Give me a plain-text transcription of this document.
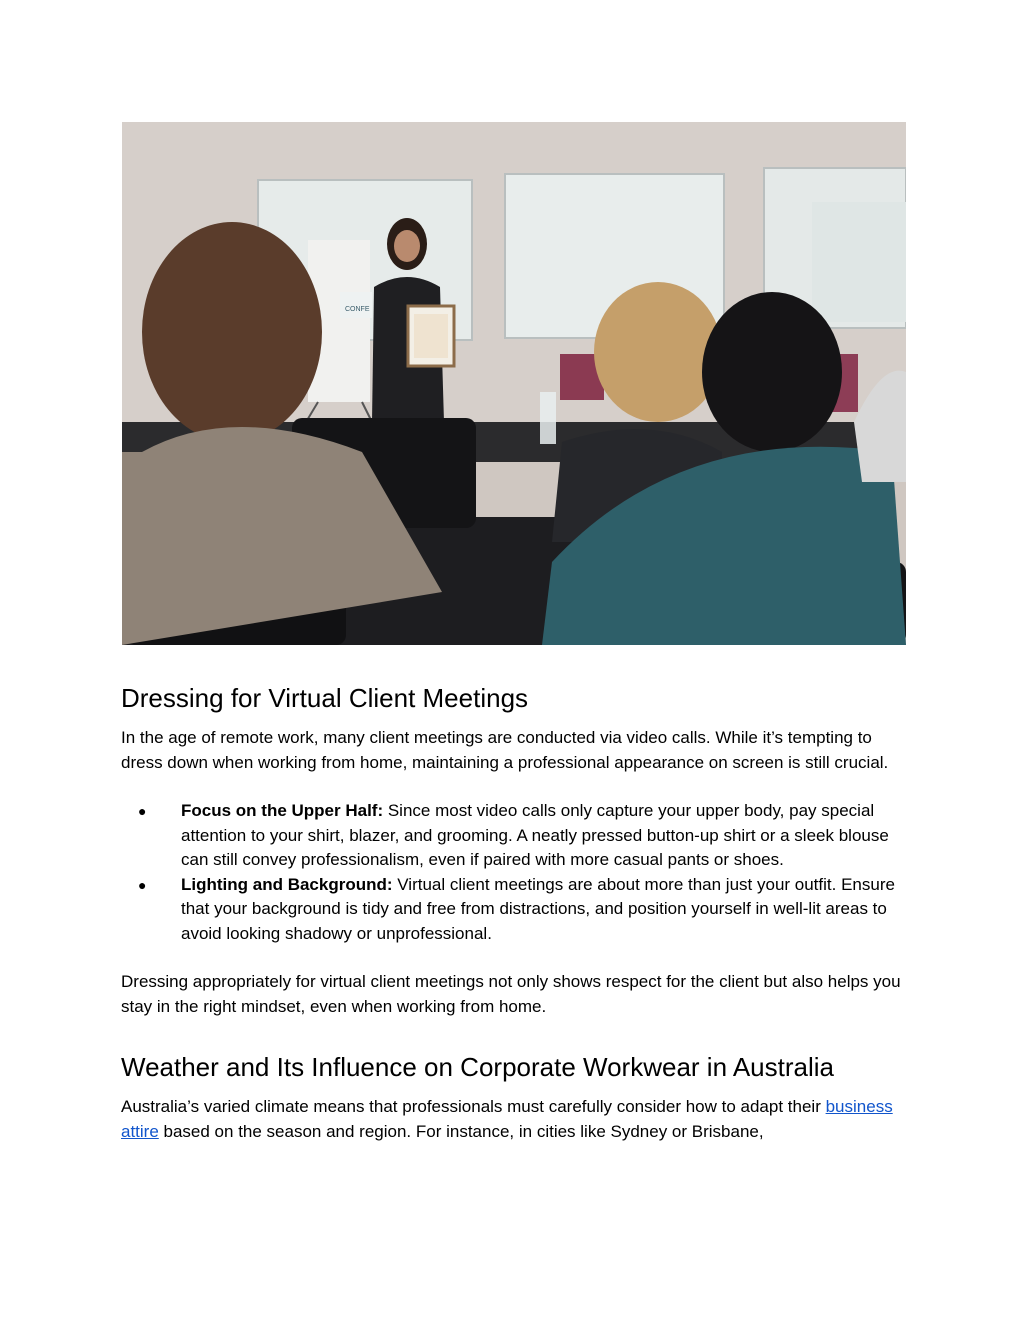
CONFE
Dressing for Virtual Client Meetings

In the age of remote work, many client meetings are conducted via video calls. While it’s tempting to dress down when working from home, maintaining a professional appearance on screen is still crucial.

● Focus on the Upper Half: Since most video calls only capture your upper body, pay special attention to your shirt, blazer, and grooming. A neatly pressed button-up shirt or a sleek blouse can still convey professionalism, even if paired with more casual pants or shoes.
● Lighting and Background: Virtual client meetings are about more than just your outfit. Ensure that your background is tidy and free from distractions, and position yourself in well-lit areas to avoid looking shadowy or unprofessional.

Dressing appropriately for virtual client meetings not only shows respect for the client but also helps you stay in the right mindset, even when working from home.

Weather and Its Influence on Corporate Workwear in Australia

Australia’s varied climate means that professionals must carefully consider how to adapt their business attire based on the season and region. For instance, in cities like Sydney or Brisbane,
